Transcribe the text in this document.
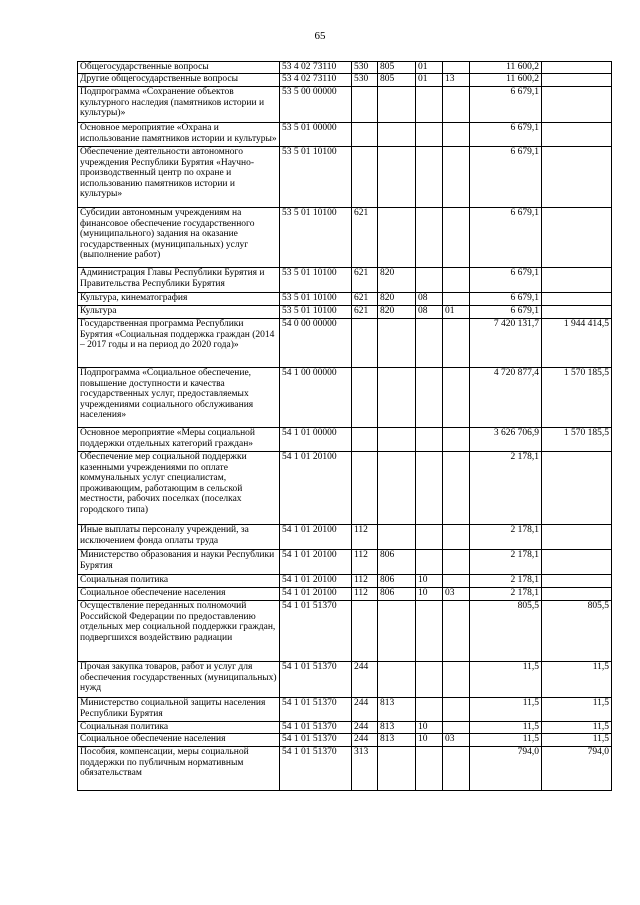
65
Общегосударственные вопросы	53 4 02 73110	530	805	01		11 600,2	
Другие общегосударственные вопросы	53 4 02 73110	530	805	01	13	11 600,2	
Подпрограмма «Сохранение объектов культурного наследия (памятников истории и культуры)»	53 5 00 00000					6 679,1	
Основное мероприятие «Охрана и использование памятников истории и культуры»	53 5 01 00000					6 679,1	
Обеспечение деятельности автономного учреждения Республики Бурятия «Научно-производственный центр по охране и использованию памятников истории и культуры»	53 5 01 10100					6 679,1	
Субсидии автономным учреждениям на финансовое обеспечение государственного (муниципального) задания на оказание государственных (муниципальных) услуг (выполнение работ)	53 5 01 10100	621				6 679,1	
Администрация Главы Республики Бурятия и Правительства Республики Бурятия	53 5 01 10100	621	820			6 679,1	
Культура, кинематография	53 5 01 10100	621	820	08		6 679,1	
Культура	53 5 01 10100	621	820	08	01	6 679,1	
Государственная программа Республики Бурятия «Социальная поддержка граждан (2014 – 2017 годы и на период до 2020 года)»	54 0 00 00000					7 420 131,7	1 944 414,5
Подпрограмма «Социальное обеспечение, повышение доступности и качества государственных услуг, предоставляемых учреждениями социального обслуживания населения»	54 1 00 00000					4 720 877,4	1 570 185,5
Основное мероприятие «Меры социальной поддержки отдельных категорий граждан»	54 1 01 00000					3 626 706,9	1 570 185,5
Обеспечение мер социальной поддержки казенными учреждениями по оплате коммунальных услуг специалистам, проживающим, работающим в сельской местности, рабочих поселках (поселках городского типа)	54 1 01 20100					2 178,1	
Иные выплаты персоналу учреждений, за исключением фонда оплаты труда	54 1 01 20100	112				2 178,1	
Министерство образования и науки Республики Бурятия	54 1 01 20100	112	806			2 178,1	
Социальная политика	54 1 01 20100	112	806	10		2 178,1	
Социальное обеспечение населения	54 1 01 20100	112	806	10	03	2 178,1	
Осуществление переданных полномочий Российской Федерации по предоставлению отдельных мер социальной поддержки граждан, подвергшихся воздействию радиации	54 1 01 51370					805,5	805,5
Прочая закупка товаров, работ и услуг для обеспечения государственных (муниципальных) нужд	54 1 01 51370	244				11,5	11,5
Министерство социальной защиты населения Республики Бурятия	54 1 01 51370	244	813			11,5	11,5
Социальная политика	54 1 01 51370	244	813	10		11,5	11,5
Социальное обеспечение населения	54 1 01 51370	244	813	10	03	11,5	11,5
Пособия, компенсации, меры социальной поддержки по публичным нормативным обязательствам	54 1 01 51370	313				794,0	794,0
